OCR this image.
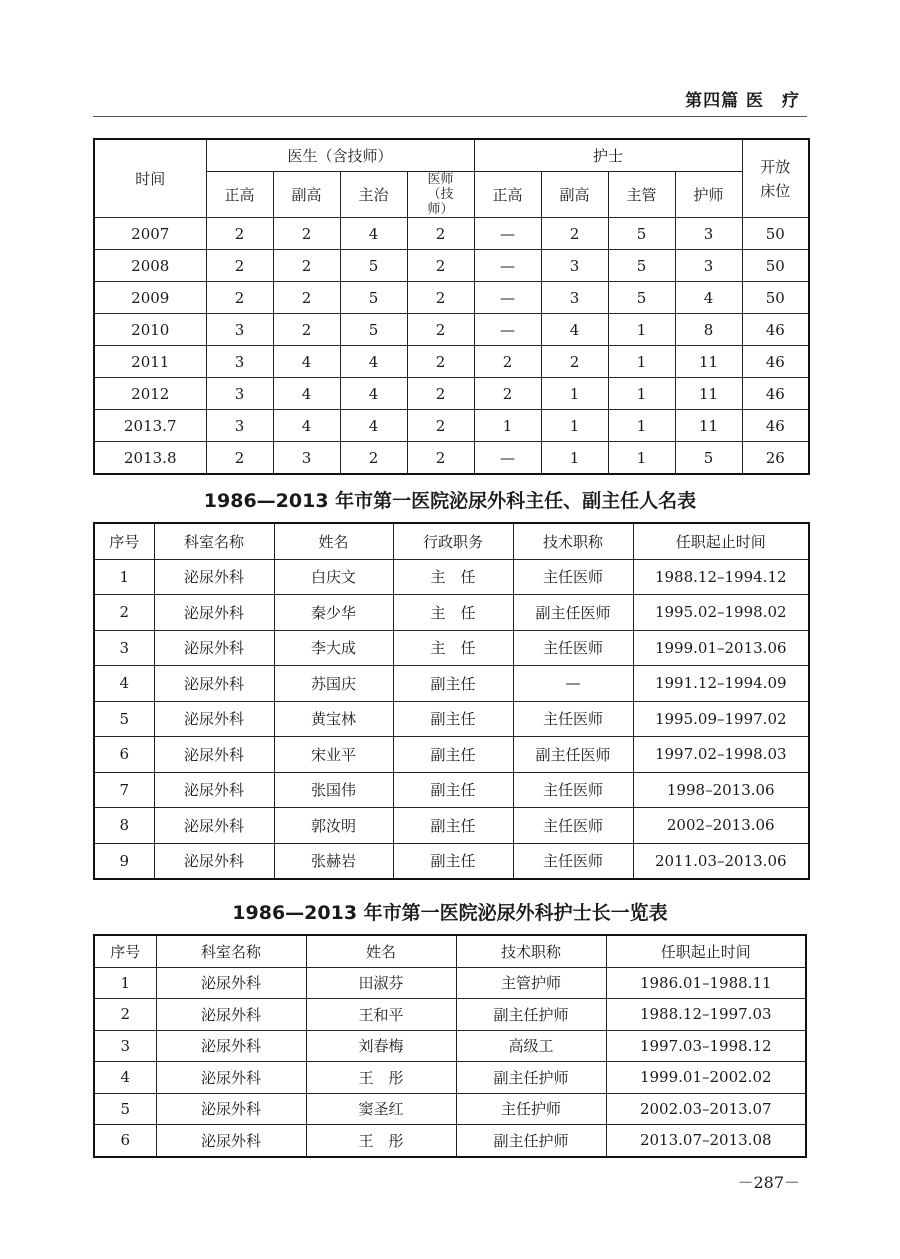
第四篇 医　疗
时间	医生（含技师）				护士				开放床位
	正高	副高	主治	医师（技师）	正高	副高	主管	护师	
2007	2	2	4	2	—	2	5	3	50
2008	2	2	5	2	—	3	5	3	50
2009	2	2	5	2	—	3	5	4	50
2010	3	2	5	2	—	4	1	8	46
2011	3	4	4	2	2	2	1	11	46
2012	3	4	4	2	2	1	1	11	46
2013.7	3	4	4	2	1	1	1	11	46
2013.8	2	3	2	2	—	1	1	5	26
1986—2013 年市第一医院泌尿外科主任、副主任人名表
序号	科室名称	姓名	行政职务	技术职称	任职起止时间
1	泌尿外科	白庆文	主　任	主任医师	1988.12–1994.12
2	泌尿外科	秦少华	主　任	副主任医师	1995.02–1998.02
3	泌尿外科	李大成	主　任	主任医师	1999.01–2013.06
4	泌尿外科	苏国庆	副主任	—	1991.12–1994.09
5	泌尿外科	黄宝林	副主任	主任医师	1995.09–1997.02
6	泌尿外科	宋业平	副主任	副主任医师	1997.02–1998.03
7	泌尿外科	张国伟	副主任	主任医师	1998–2013.06
8	泌尿外科	郭汝明	副主任	主任医师	2002–2013.06
9	泌尿外科	张赫岩	副主任	主任医师	2011.03–2013.06
1986—2013 年市第一医院泌尿外科护士长一览表
序号	科室名称	姓名	技术职称	任职起止时间
1	泌尿外科	田淑芬	主管护师	1986.01–1988.11
2	泌尿外科	王和平	副主任护师	1988.12–1997.03
3	泌尿外科	刘春梅	高级工	1997.03–1998.12
4	泌尿外科	王　彤	副主任护师	1999.01–2002.02
5	泌尿外科	窦圣红	主任护师	2002.03–2013.07
6	泌尿外科	王　彤	副主任护师	2013.07–2013.08
－287－
